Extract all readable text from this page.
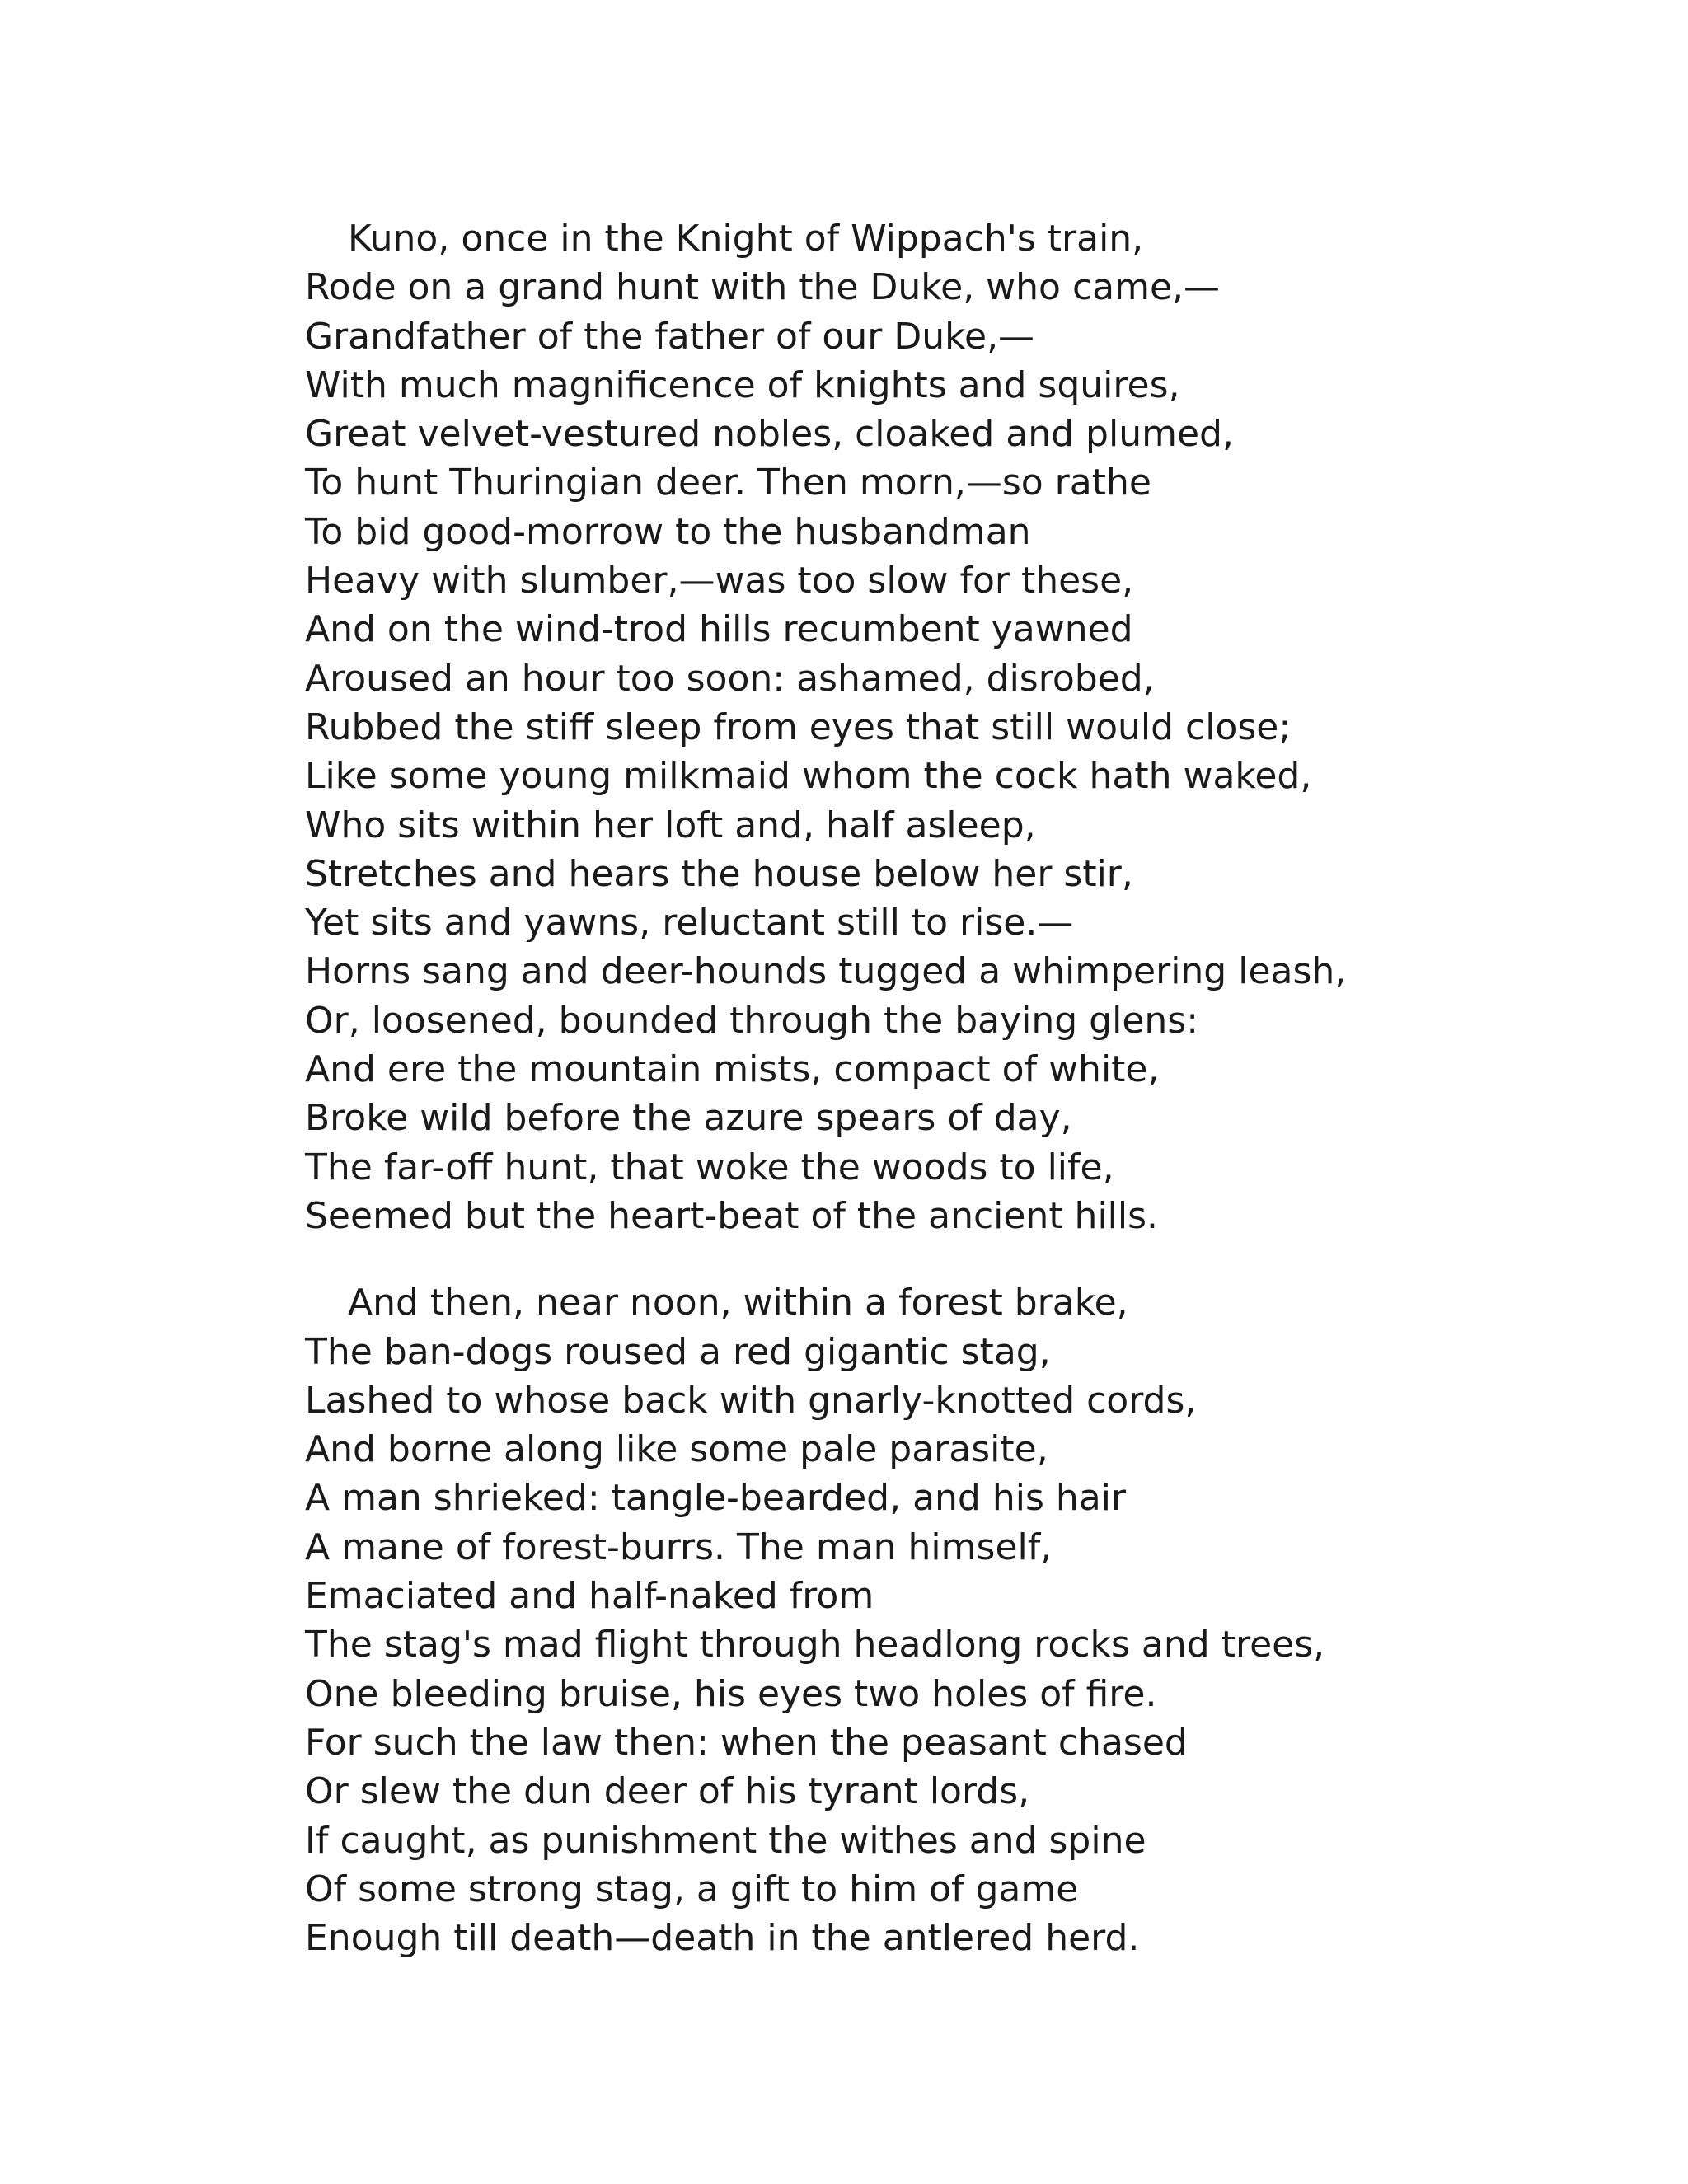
Kuno, once in the Knight of Wippach's train,
Rode on a grand hunt with the Duke, who came,—
Grandfather of the father of our Duke,—
With much magnificence of knights and squires,
Great velvet-vestured nobles, cloaked and plumed,
To hunt Thuringian deer. Then morn,—so rathe
To bid good-morrow to the husbandman
Heavy with slumber,—was too slow for these,
And on the wind-trod hills recumbent yawned
Aroused an hour too soon: ashamed, disrobed,
Rubbed the stiff sleep from eyes that still would close;
Like some young milkmaid whom the cock hath waked,
Who sits within her loft and, half asleep,
Stretches and hears the house below her stir,
Yet sits and yawns, reluctant still to rise.—
Horns sang and deer-hounds tugged a whimpering leash,
Or, loosened, bounded through the baying glens:
And ere the mountain mists, compact of white,
Broke wild before the azure spears of day,
The far-off hunt, that woke the woods to life,
Seemed but the heart-beat of the ancient hills.
And then, near noon, within a forest brake,
The ban-dogs roused a red gigantic stag,
Lashed to whose back with gnarly-knotted cords,
And borne along like some pale parasite,
A man shrieked: tangle-bearded, and his hair
A mane of forest-burrs. The man himself,
Emaciated and half-naked from
The stag's mad flight through headlong rocks and trees,
One bleeding bruise, his eyes two holes of fire.
For such the law then: when the peasant chased
Or slew the dun deer of his tyrant lords,
If caught, as punishment the withes and spine
Of some strong stag, a gift to him of game
Enough till death—death in the antlered herd.
